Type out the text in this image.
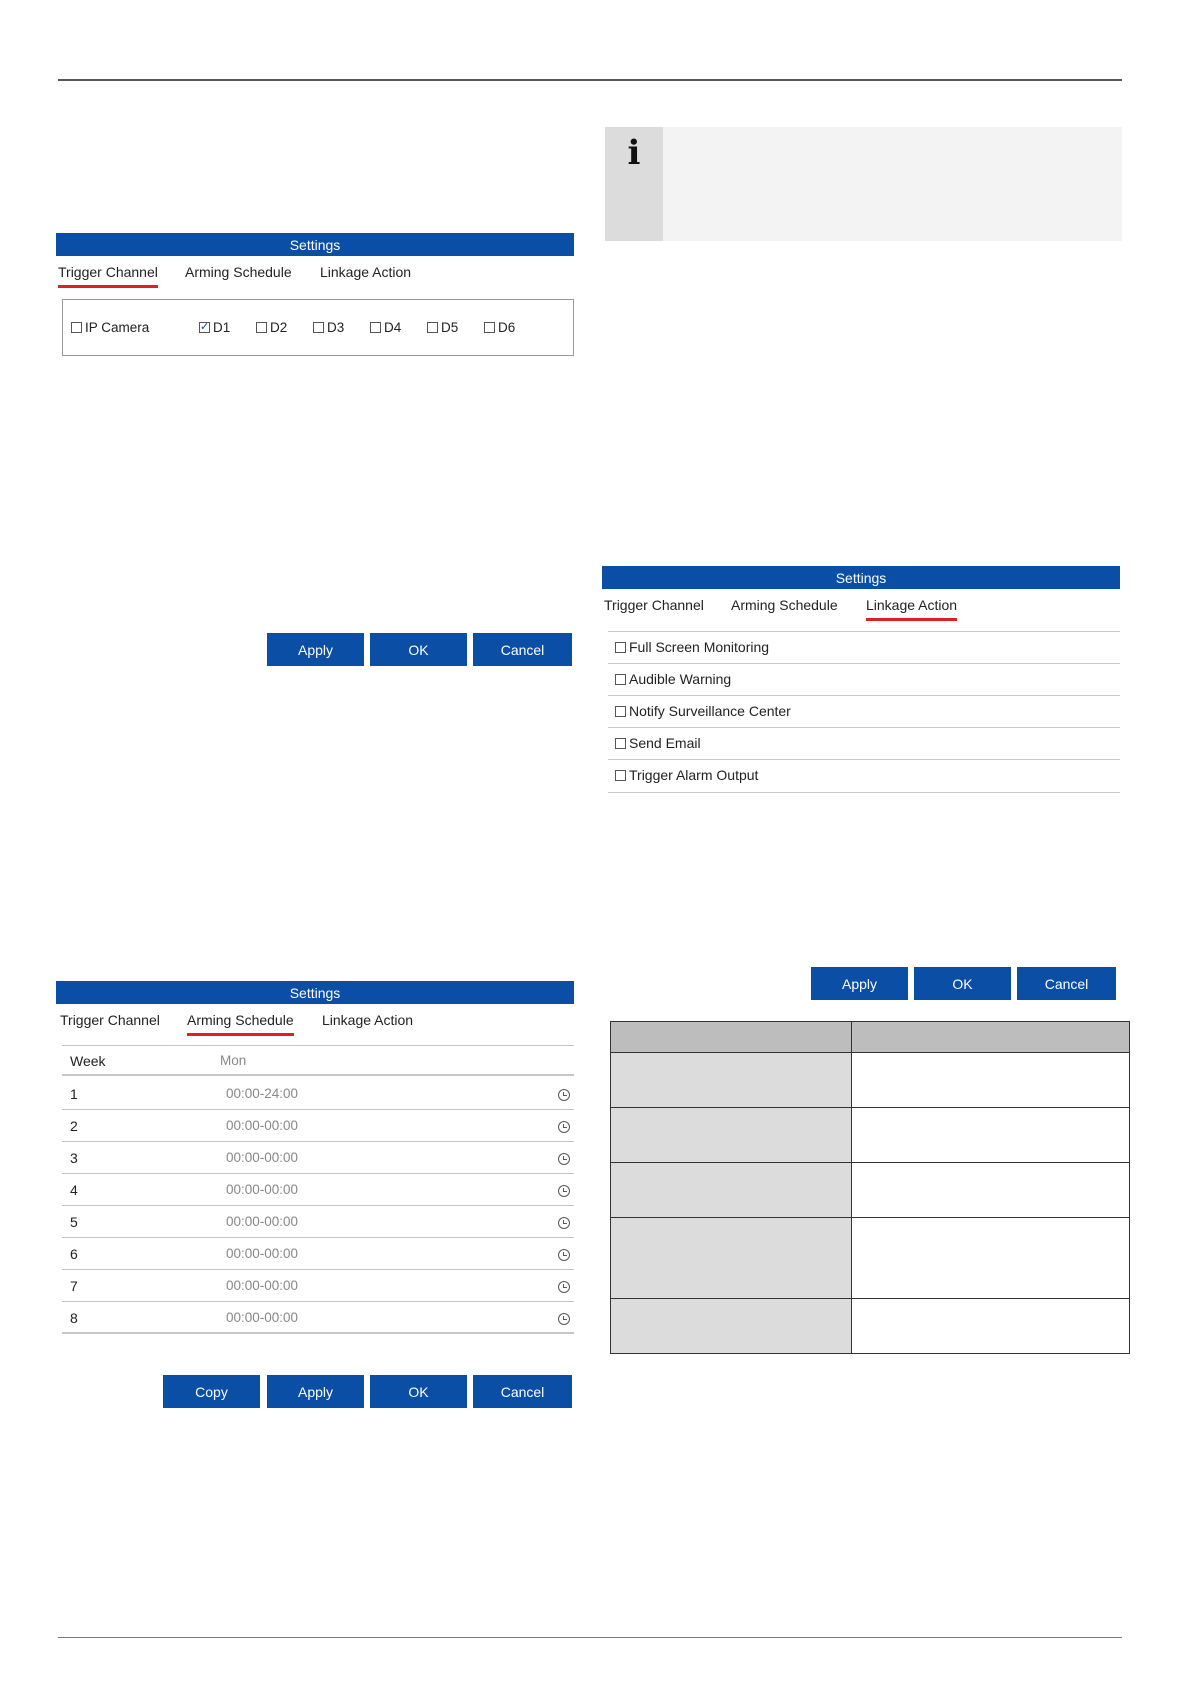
i
Settings
Trigger Channel Arming Schedule Linkage Action
IP Camera
✓	D1	D2	D3	D4	D5	D6
Apply	OK	Cancel
Settings
Trigger Channel Arming Schedule Linkage Action
Full Screen Monitoring
Audible Warning
Notify Surveillance Center
Send Email
Trigger Alarm Output
Apply	OK	Cancel
Settings
Trigger Channel Arming Schedule Linkage Action
Week	Mon
1	00:00-24:00
2	00:00-00:00
3	00:00-00:00
4	00:00-00:00
5	00:00-00:00
6	00:00-00:00
7	00:00-00:00
8	00:00-00:00
Copy	Apply	OK	Cancel
